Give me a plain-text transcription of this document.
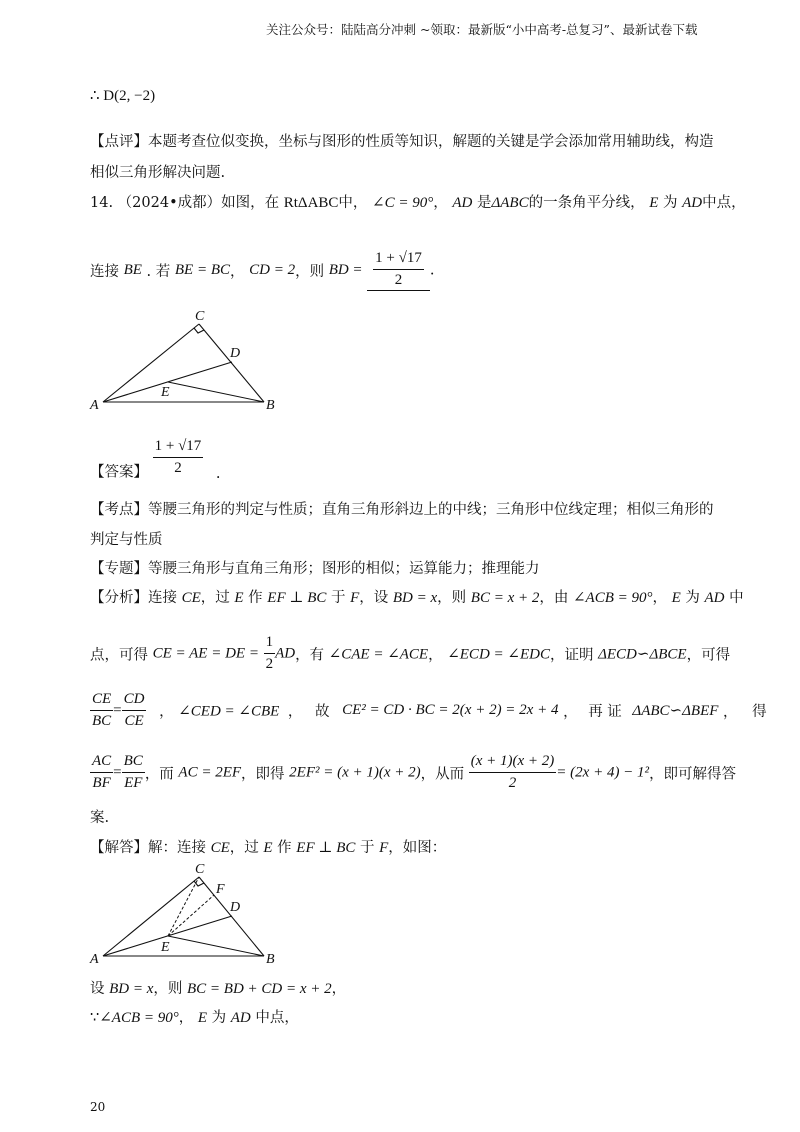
关注公众号：陆陆高分冲刺 ~领取：最新版“小中高考-总复习”、最新试卷下载
∴ D(2, −2)
【点评】本题考查位似变换，坐标与图形的性质等知识，解题的关键是学会添加常用辅助线，构造
相似三角形解决问题.
14. （2024•成都）如图，在 RtΔABC中， ∠C = 90°， AD 是ΔABC的一条角平分线， E 为 AD中点，
连接 BE . 若 BE = BC， CD = 2，则 BD = $\frac{1 + √17}{2}$ .
C
D
E
A	B
【答案】 $\frac{1 + √17}{2}$ .
【考点】等腰三角形的判定与性质；直角三角形斜边上的中线；三角形中位线定理；相似三角形的
判定与性质
【专题】等腰三角形与直角三角形；图形的相似；运算能力；推理能力
【分析】连接 CE，过 E 作 EF ⊥ BC 于 F，设 BD = x，则 BC = x + 2，由 ∠ACB = 90°， E 为 AD 中
点，可得 CE = AE = DE = $\frac{1}{2}$ AD，有 ∠CAE = ∠ACE， ∠ECD = ∠EDC，证明 ΔECD∽ΔBCE，可得
$\frac{CE}{BC} = \frac{CD}{CE}$ ， ∠CED = ∠CBE ， 故 CE² = CD · BC = 2(x + 2) = 2x + 4 ， 再 证 ΔABC∽ΔBEF ， 得
$\frac{AC}{BF} = \frac{BC}{EF}$ ，而 AC = 2EF，即得 2EF² = (x + 1)(x + 2)，从而 $\frac{(x + 1)(x + 2)}{2} = (2x + 4) - 1^2$，即可解得答
案.
【解答】解：连接 CE，过 E 作 EF ⊥ BC 于 F，如图：
C
F
D
E
A	B
设 BD = x，则 BC = BD + CD = x + 2，
∵∠ACB = 90°， E 为 AD 中点，
20
